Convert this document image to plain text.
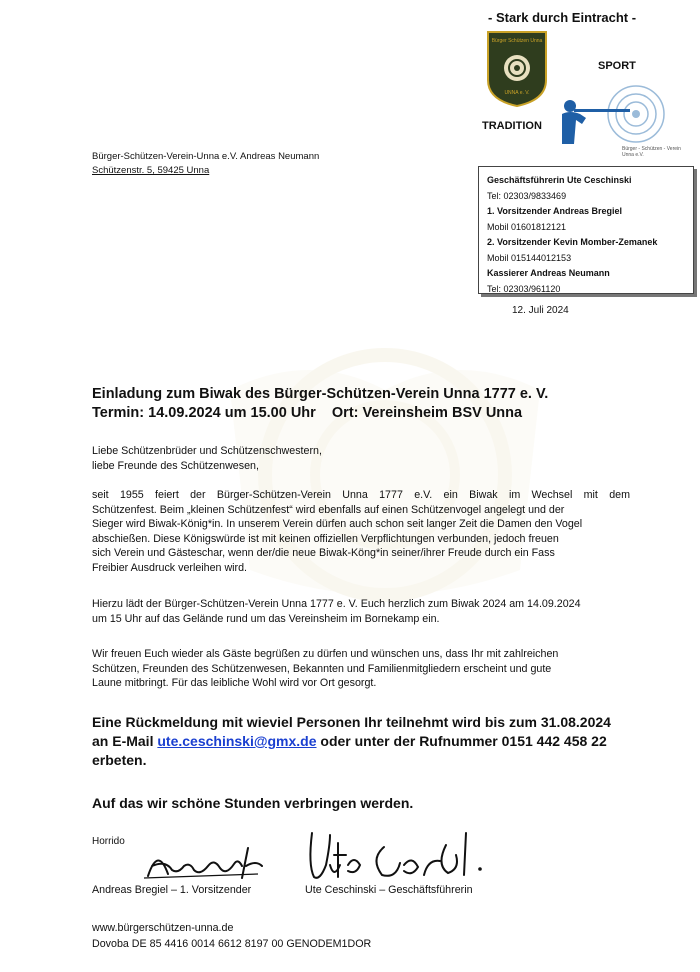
- Stark durch Eintracht -
Bürger Schützen Unna
UNNA e. V.
SPORT
TRADITION
Bürger - Schützen - Verein Unna e.V.
Bürger-Schützen-Verein-Unna e.V. Andreas Neumann
Schützenstr. 5, 59425 Unna
Geschäftsführerin Ute Ceschinski
Tel: 02303/9833469
1. Vorsitzender Andreas Bregiel
Mobil 01601812121
2. Vorsitzender Kevin Momber-Zemanek
Mobil 015144012153
Kassierer Andreas Neumann
Tel: 02303/961120
12. Juli 2024
Einladung zum Biwak des Bürger-Schützen-Verein Unna 1777 e. V.
Termin: 14.09.2024 um 15.00 Uhr    Ort: Vereinsheim BSV Unna
Liebe Schützenbrüder und Schützenschwestern,
liebe Freunde des Schützenwesen,
seit 1955 feiert der Bürger-Schützen-Verein Unna 1777 e.V. ein Biwak im Wechsel mit dem
Schützenfest. Beim „kleinen Schützenfest“ wird ebenfalls auf einen Schützenvogel angelegt und der
Sieger wird Biwak-König*in. In unserem Verein dürfen auch schon seit langer Zeit die Damen den Vogel
abschießen. Diese Königswürde ist mit keinen offiziellen Verpflichtungen verbunden, jedoch freuen
sich Verein und Gästeschar, wenn der/die neue Biwak-Köng*in seiner/ihrer Freude durch ein Fass
Freibier Ausdruck verleihen wird.
Hierzu lädt der Bürger-Schützen-Verein Unna 1777 e. V. Euch herzlich zum Biwak 2024 am 14.09.2024
um 15 Uhr auf das Gelände rund um das Vereinsheim im Bornekamp ein.
Wir freuen Euch wieder als Gäste begrüßen zu dürfen und wünschen uns, dass Ihr mit zahlreichen
Schützen, Freunden des Schützenwesen, Bekannten und Familienmitgliedern erscheint und gute
Laune mitbringt. Für das leibliche Wohl wird vor Ort gesorgt.
Eine Rückmeldung mit wieviel Personen Ihr teilnehmt wird bis zum 31.08.2024
an E-Mail ute.ceschinski@gmx.de oder unter der Rufnummer 0151 442 458 22
erbeten.
Auf das wir schöne Stunden verbringen werden.
Horrido
Andreas Bregiel – 1. Vorsitzender	Ute Ceschinski – Geschäftsführerin
www.bürgerschützen-unna.de
Dovoba DE 85 4416 0014 6612 8197 00 GENODEM1DOR
